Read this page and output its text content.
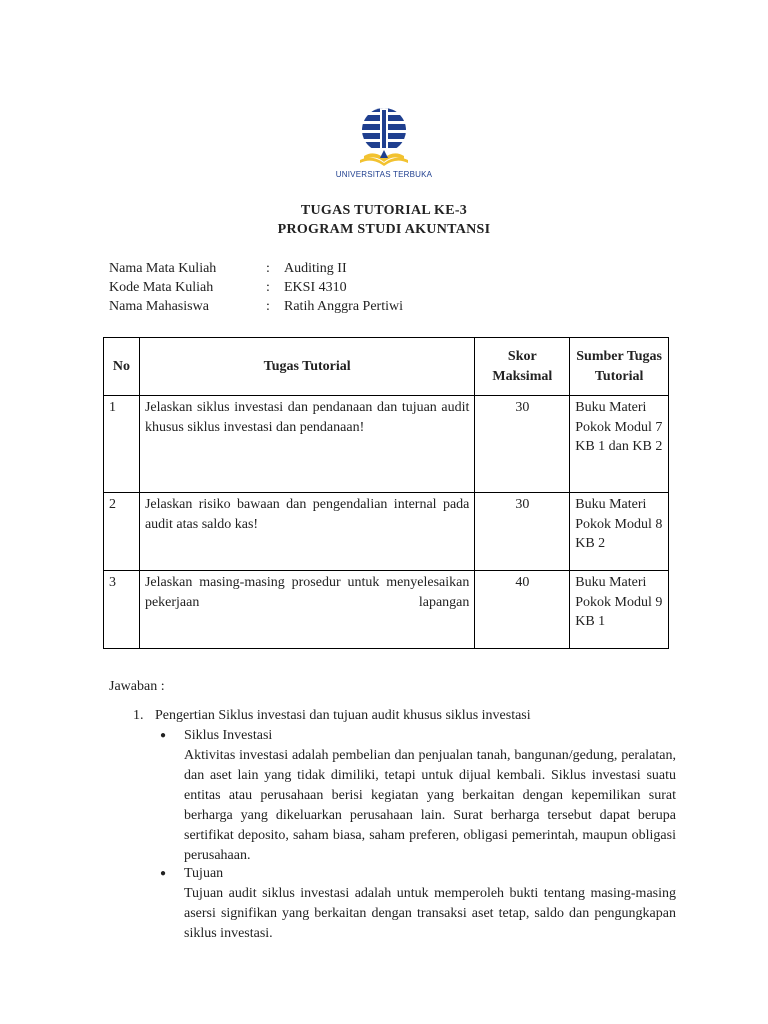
UNIVERSITAS TERBUKA
TUGAS TUTORIAL KE-3
PROGRAM STUDI AKUNTANSI
Nama Mata Kuliah	: Auditing II
Kode Mata Kuliah	: EKSI 4310
Nama Mahasiswa	: Ratih Anggra Pertiwi
No	Tugas Tutorial	Skor Maksimal	Sumber Tugas Tutorial
1	Jelaskan siklus investasi dan pendanaan dan tujuan audit khusus siklus investasi dan pendanaan!	30	Buku Materi Pokok Modul 7 KB 1 dan KB 2
2	Jelaskan risiko bawaan dan pengendalian internal pada audit atas saldo kas!	30	Buku Materi Pokok Modul 8 KB 2
3	Jelaskan masing-masing prosedur untuk menyelesaikan pekerjaan lapangan	40	Buku Materi Pokok Modul 9 KB 1
Jawaban :
1. Pengertian Siklus investasi dan tujuan audit khusus siklus investasi
● Siklus Investasi
Aktivitas investasi adalah pembelian dan penjualan tanah, bangunan/gedung, peralatan, dan aset lain yang tidak dimiliki, tetapi untuk dijual kembali. Siklus investasi suatu entitas atau perusahaan berisi kegiatan yang berkaitan dengan kepemilikan surat berharga yang dikeluarkan perusahaan lain. Surat berharga tersebut dapat berupa sertifikat deposito, saham biasa, saham preferen, obligasi pemerintah, maupun obligasi perusahaan.
● Tujuan
Tujuan audit siklus investasi adalah untuk memperoleh bukti tentang masing-masing asersi signifikan yang berkaitan dengan transaksi aset tetap, saldo dan pengungkapan siklus investasi.
